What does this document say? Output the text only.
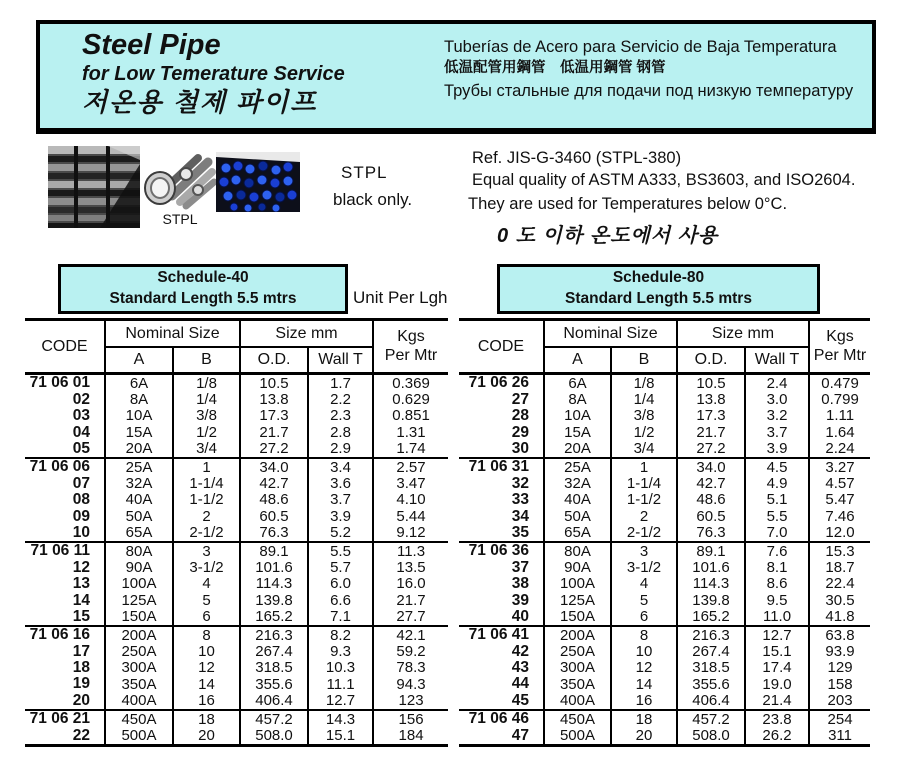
Steel Pipe
for Low Temerature Service
저온용 철제 파이프
Tuberías de Acero para Servicio de Baja Temperatura
低温配管用鋼管　低温用鋼管 钢管
Трубы стальные для подачи под низкую температуру
STPL
STPL
black only.
Ref. JIS-G-3460 (STPL-380)
Equal quality of ASTM A333, BS3603, and ISO2604.
They are used for Temperatures below 0°C.
0 도 이하 온도에서 사용
Schedule-40
Standard Length 5.5 mtrs	Unit Per Lgh
Schedule-80
Standard Length 5.5 mtrs
CODE	Nominal Size		Size mm		Kgs
Per Mtr

	A	B	O.D.	Wall T	
71 06 01	6A	1/8	10.5	1.7	0.369
02	8A	1/4	13.8	2.2	0.629
03	10A	3/8	17.3	2.3	0.851
04	15A	1/2	21.7	2.8	1.31
05	20A	3/4	27.2	2.9	1.74
71 06 06	25A	1	34.0	3.4	2.57
07	32A	1-1/4	42.7	3.6	3.47
08	40A	1-1/2	48.6	3.7	4.10
09	50A	2	60.5	3.9	5.44
10	65A	2-1/2	76.3	5.2	9.12
71 06 11	80A	3	89.1	5.5	11.3
12	90A	3-1/2	101.6	5.7	13.5
13	100A	4	114.3	6.0	16.0
14	125A	5	139.8	6.6	21.7
15	150A	6	165.2	7.1	27.7
71 06 16	200A	8	216.3	8.2	42.1
17	250A	10	267.4	9.3	59.2
18	300A	12	318.5	10.3	78.3
19	350A	14	355.6	11.1	94.3
20	400A	16	406.4	12.7	123
71 06 21	450A	18	457.2	14.3	156
22	500A	20	508.0	15.1	184
CODE	Nominal Size		Size mm		Kgs
Per Mtr

	A	B	O.D.	Wall T	
71 06 26	6A	1/8	10.5	2.4	0.479
27	8A	1/4	13.8	3.0	0.799
28	10A	3/8	17.3	3.2	1.11
29	15A	1/2	21.7	3.7	1.64
30	20A	3/4	27.2	3.9	2.24
71 06 31	25A	1	34.0	4.5	3.27
32	32A	1-1/4	42.7	4.9	4.57
33	40A	1-1/2	48.6	5.1	5.47
34	50A	2	60.5	5.5	7.46
35	65A	2-1/2	76.3	7.0	12.0
71 06 36	80A	3	89.1	7.6	15.3
37	90A	3-1/2	101.6	8.1	18.7
38	100A	4	114.3	8.6	22.4
39	125A	5	139.8	9.5	30.5
40	150A	6	165.2	11.0	41.8
71 06 41	200A	8	216.3	12.7	63.8
42	250A	10	267.4	15.1	93.9
43	300A	12	318.5	17.4	129
44	350A	14	355.6	19.0	158
45	400A	16	406.4	21.4	203
71 06 46	450A	18	457.2	23.8	254
47	500A	20	508.0	26.2	311
